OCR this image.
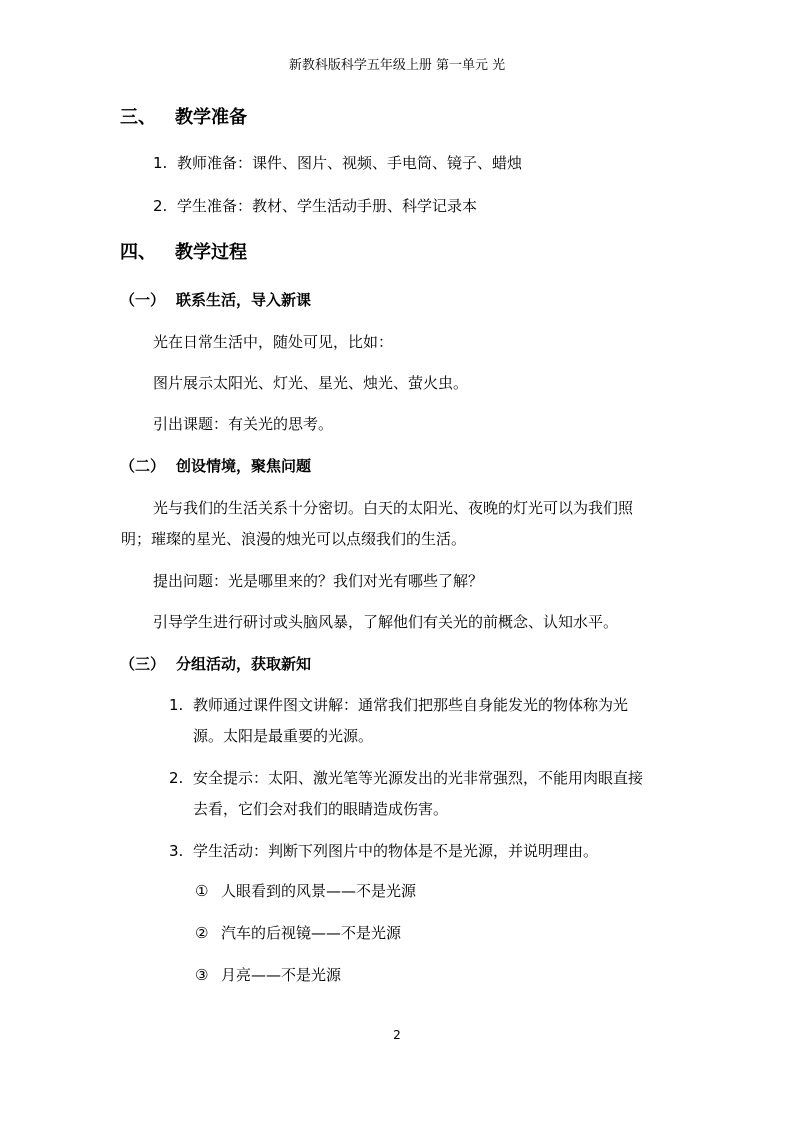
新教科版科学五年级上册 第一单元 光
三、 教学准备
1. 教师准备：课件、图片、视频、手电筒、镜子、蜡烛
2. 学生准备：教材、学生活动手册、科学记录本
四、 教学过程
（一） 联系生活，导入新课
光在日常生活中，随处可见，比如：
图片展示太阳光、灯光、星光、烛光、萤火虫。
引出课题：有关光的思考。
（二） 创设情境，聚焦问题
光与我们的生活关系十分密切。白天的太阳光、夜晚的灯光可以为我们照
明；璀璨的星光、浪漫的烛光可以点缀我们的生活。
提出问题：光是哪里来的？我们对光有哪些了解？
引导学生进行研讨或头脑风暴，了解他们有关光的前概念、认知水平。
（三） 分组活动，获取新知
1. 教师通过课件图文讲解：通常我们把那些自身能发光的物体称为光
源。太阳是最重要的光源。
2. 安全提示：太阳、激光笔等光源发出的光非常强烈，不能用肉眼直接
去看，它们会对我们的眼睛造成伤害。
3. 学生活动：判断下列图片中的物体是不是光源，并说明理由。
① 人眼看到的风景——不是光源
② 汽车的后视镜——不是光源
③ 月亮——不是光源
2
